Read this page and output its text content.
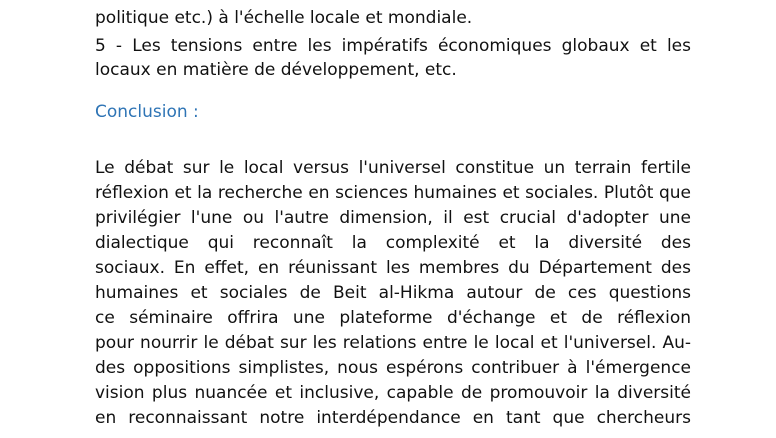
politique etc.) à l'échelle locale et mondiale.
5 - Les tensions entre les impératifs économiques globaux et les
locaux en matière de développement, etc.
Conclusion :
Le débat sur le local versus l'universel constitue un terrain fertile
réflexion et la recherche en sciences humaines et sociales. Plutôt que
privilégier l'une ou l'autre dimension, il est crucial d'adopter une
dialectique qui reconnaît la complexité et la diversité des
sociaux. En effet, en réunissant les membres du Département des
humaines et sociales de Beit al-Hikma autour de ces questions
ce séminaire offrira une plateforme d'échange et de réflexion
pour nourrir le débat sur les relations entre le local et l'universel. Au-
des oppositions simplistes, nous espérons contribuer à l'émergence
vision plus nuancée et inclusive, capable de promouvoir la diversité
en reconnaissant notre interdépendance en tant que chercheurs
